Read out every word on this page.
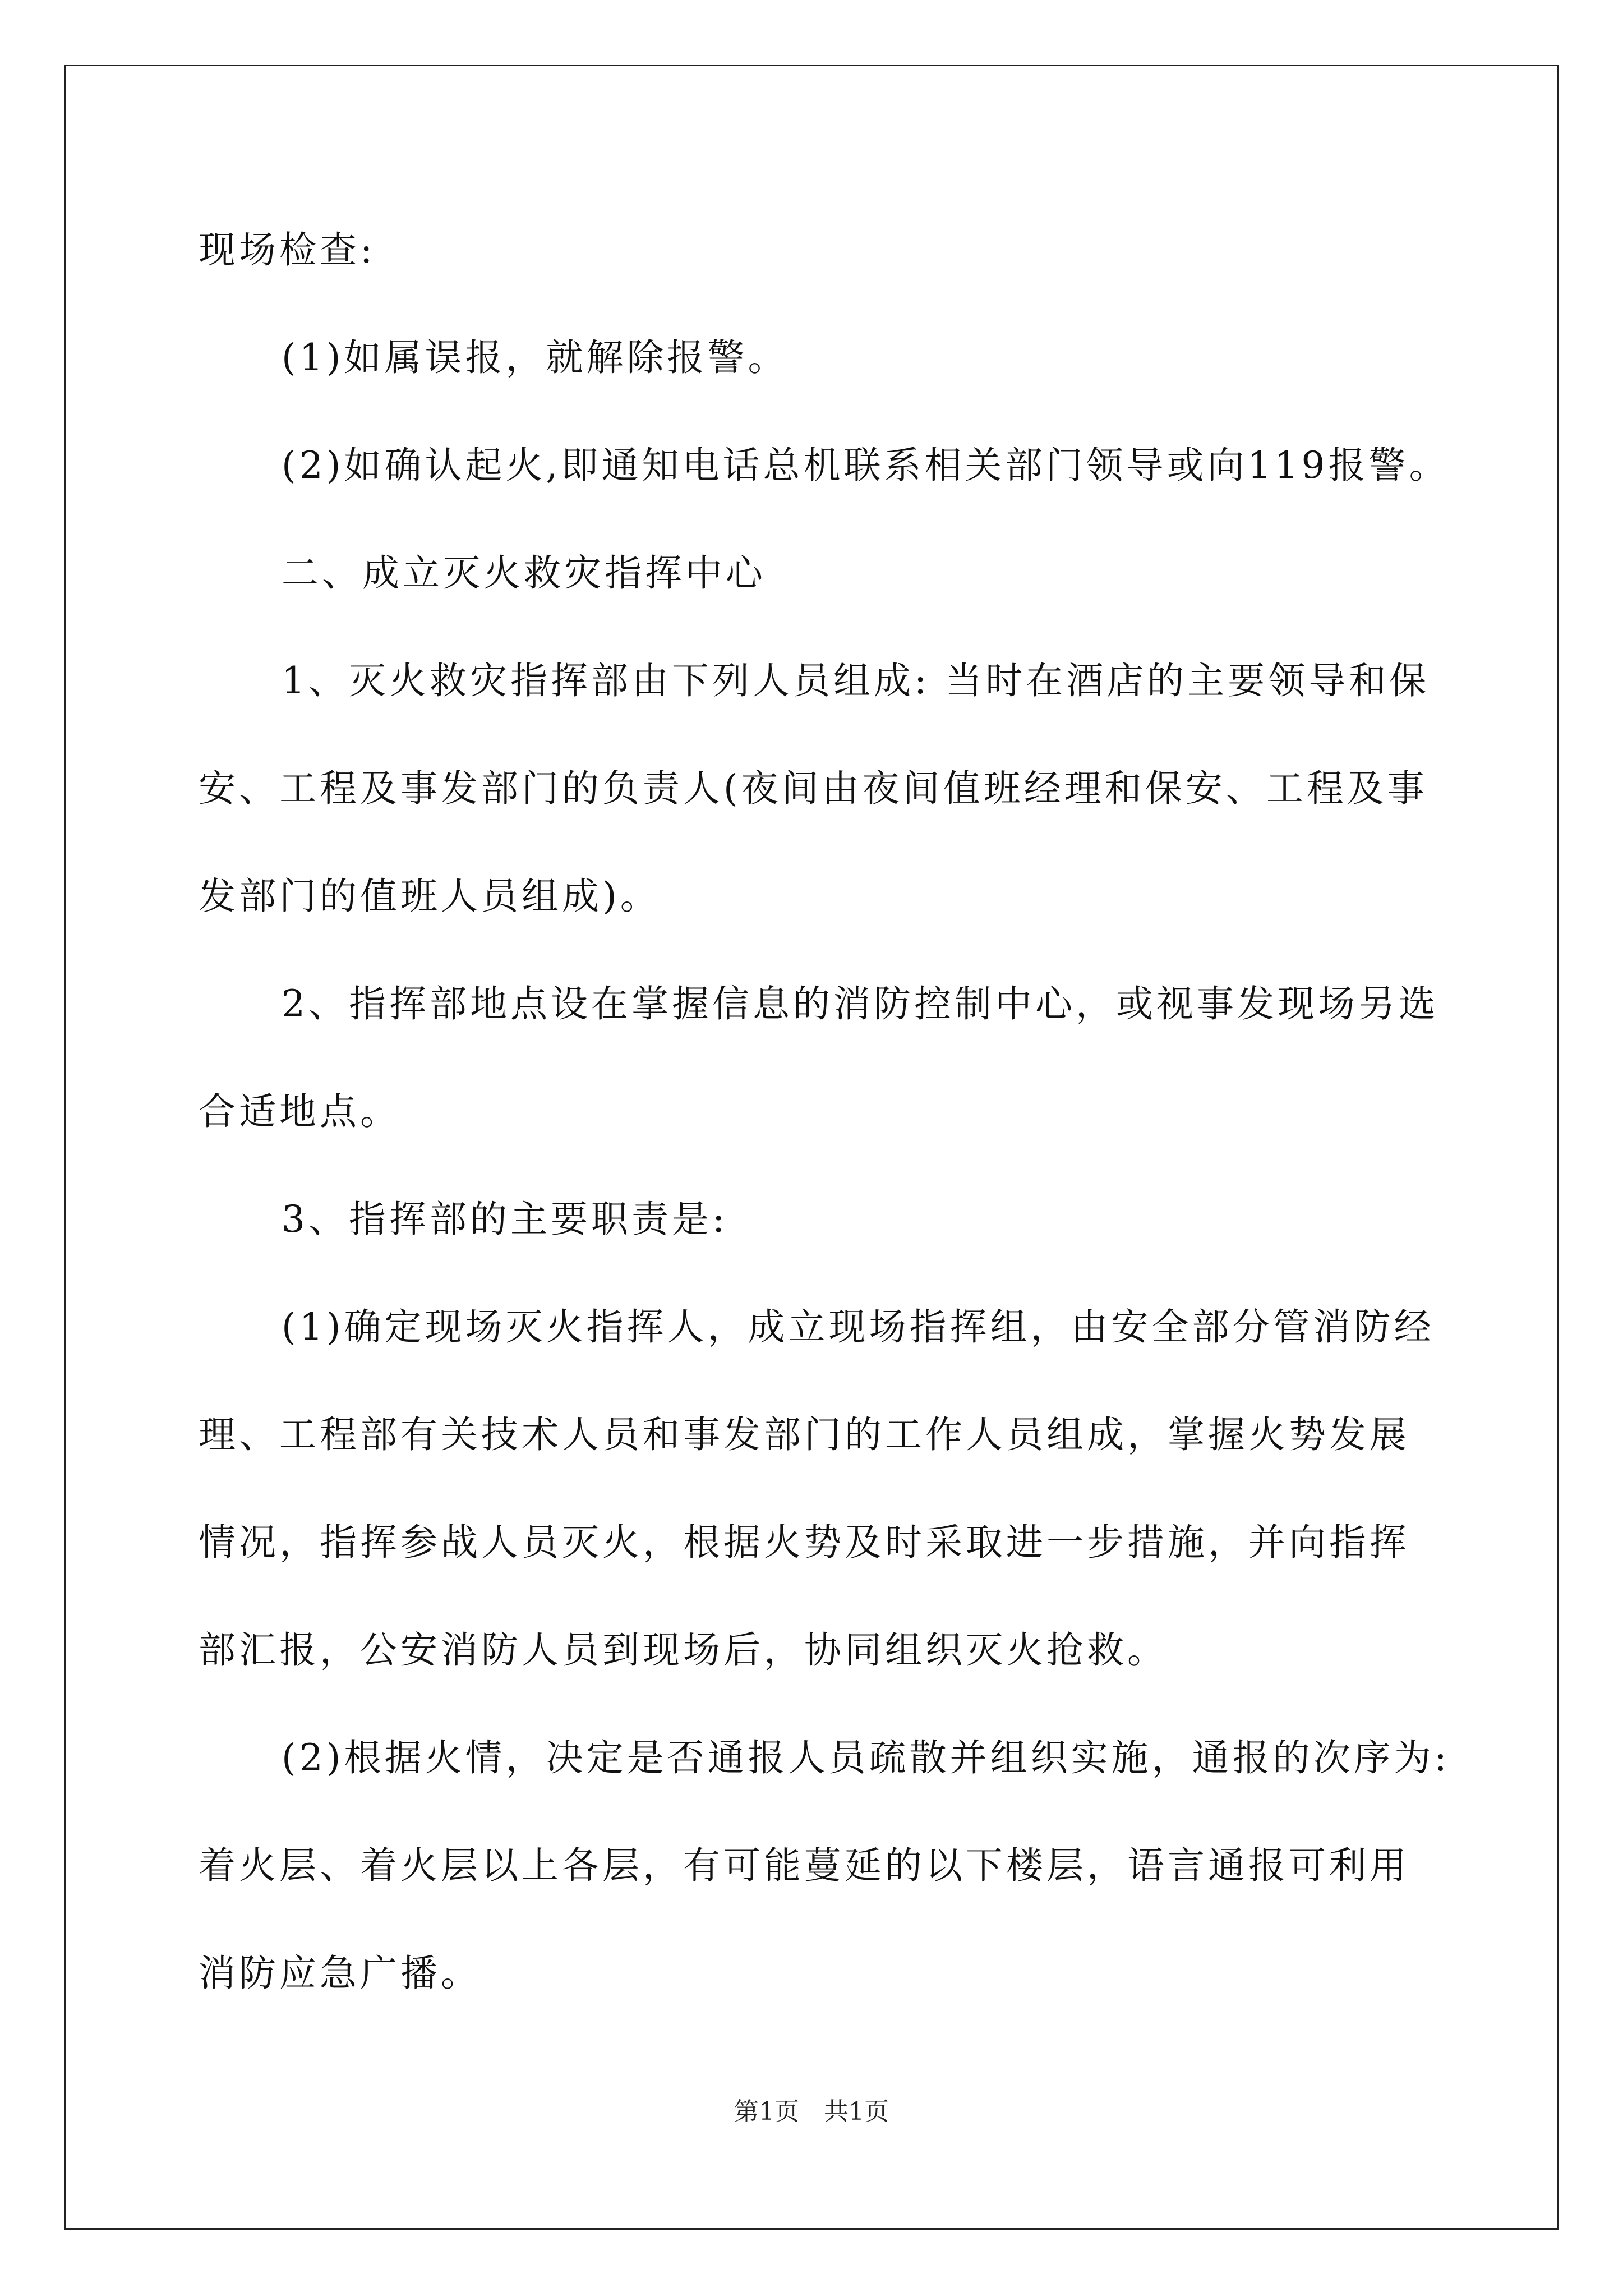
现场检查:
(1)如属误报，就解除报警。
(2)如确认起火,即通知电话总机联系相关部门领导或向119报警。
二、成立灭火救灾指挥中心
1、灭火救灾指挥部由下列人员组成: 当时在酒店的主要领导和保
安、工程及事发部门的负责人(夜间由夜间值班经理和保安、工程及事
发部门的值班人员组成)。
2、指挥部地点设在掌握信息的消防控制中心，或视事发现场另选
合适地点。
3、指挥部的主要职责是:
(1)确定现场灭火指挥人，成立现场指挥组，由安全部分管消防经
理、工程部有关技术人员和事发部门的工作人员组成，掌握火势发展
情况，指挥参战人员灭火，根据火势及时采取进一步措施，并向指挥
部汇报，公安消防人员到现场后，协同组织灭火抢救。
(2)根据火情，决定是否通报人员疏散并组织实施，通报的次序为:
着火层、着火层以上各层，有可能蔓延的以下楼层，语言通报可利用
消防应急广播。
第1页　共1页
